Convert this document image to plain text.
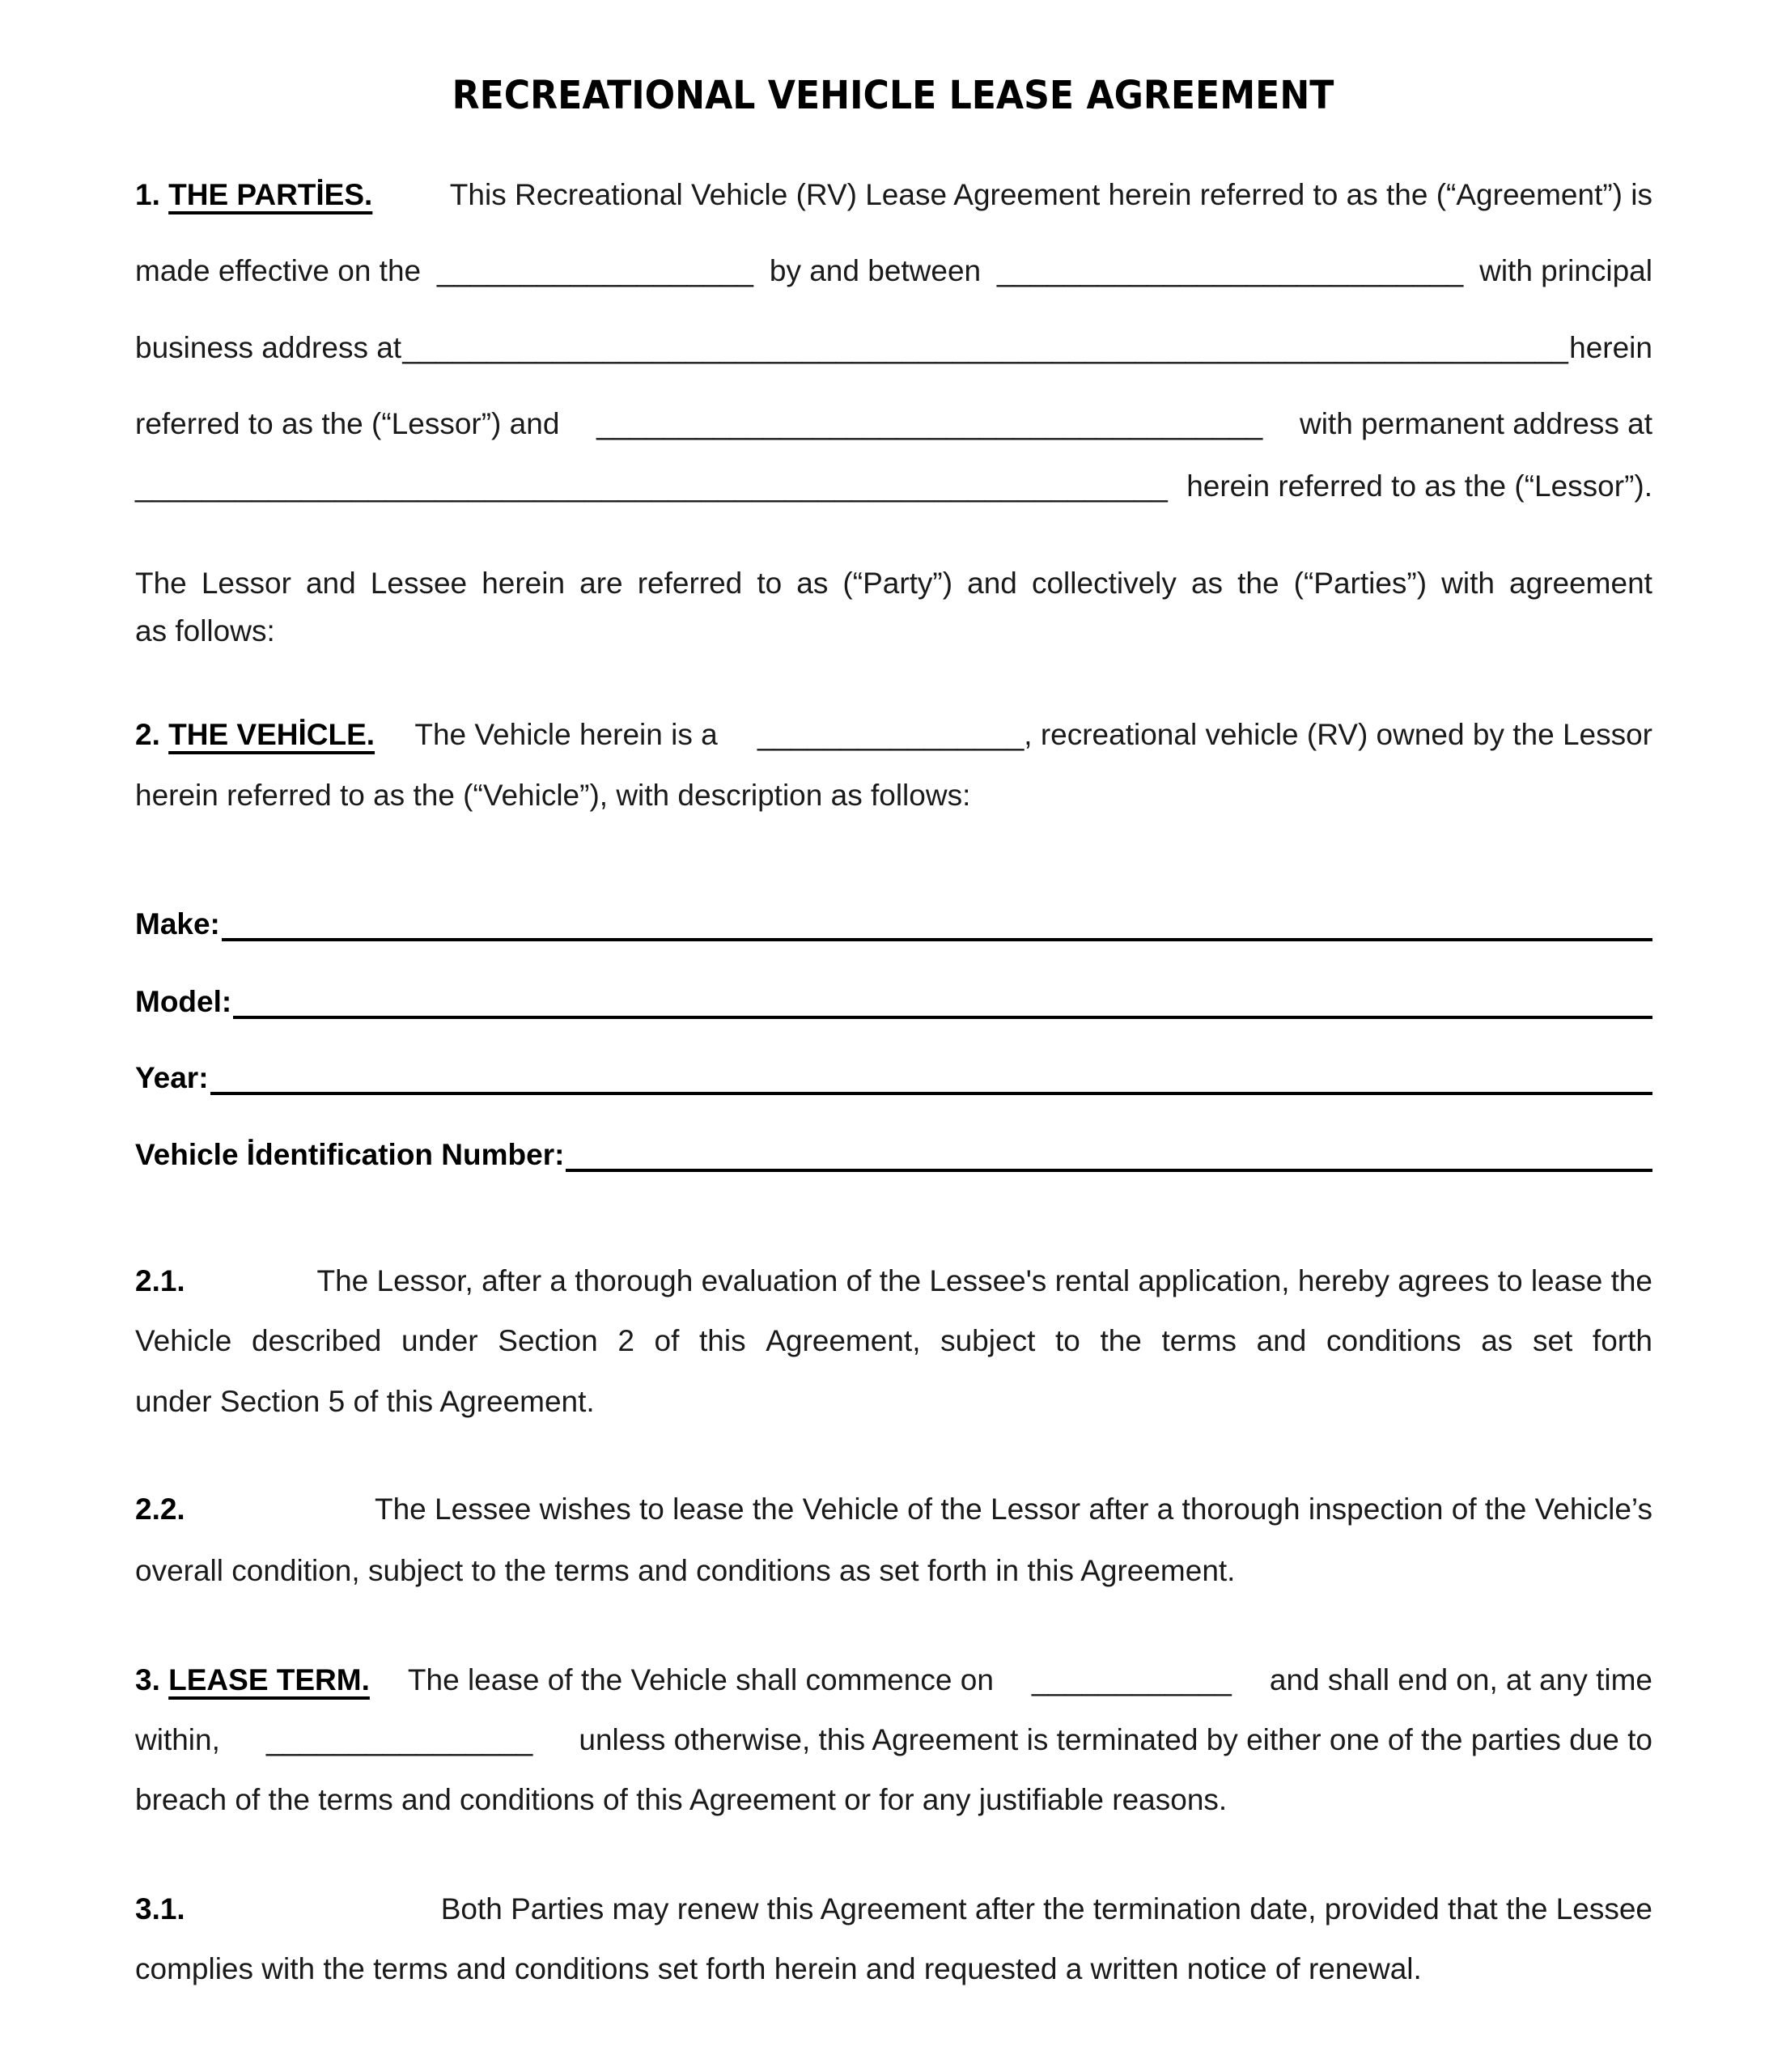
RECREATIONAL VEHICLE LEASE AGREEMENT
1. THE PARTİES.	This Recreational Vehicle (RV) Lease Agreement herein referred to as the (“Agreement”) is
made effective on the ___________________ by and between ____________________________ with principal
business address at ______________________________________________________________________ herein
referred to as the (“Lessor”) and ________________________________________ with permanent address at
______________________________________________________________ herein referred to as the (“Lessor”).
The Lessor and Lessee herein are referred to as (“Party”) and collectively as the (“Parties”) with agreement
as follows:
2. THE VEHİCLE. The Vehicle herein is a ________________, recreational vehicle (RV) owned by the Lessor
herein referred to as the (“Vehicle”), with description as follows:
Make:
Model:
Year:
Vehicle İdentification Number:
2.1.	The Lessor, after a thorough evaluation of the Lessee's rental application, hereby agrees to lease the
Vehicle described under Section 2 of this Agreement, subject to the terms and conditions as set forth
under Section 5 of this Agreement.
2.2.	The Lessee wishes to lease the Vehicle of the Lessor after a thorough inspection of the Vehicle’s
overall condition, subject to the terms and conditions as set forth in this Agreement.
3. LEASE TERM. The lease of the Vehicle shall commence on ____________ and shall end on, at any time
within, ________________ unless otherwise, this Agreement is terminated by either one of the parties due to
breach of the terms and conditions of this Agreement or for any justifiable reasons.
3.1.	Both Parties may renew this Agreement after the termination date, provided that the Lessee
complies with the terms and conditions set forth herein and requested a written notice of renewal.
